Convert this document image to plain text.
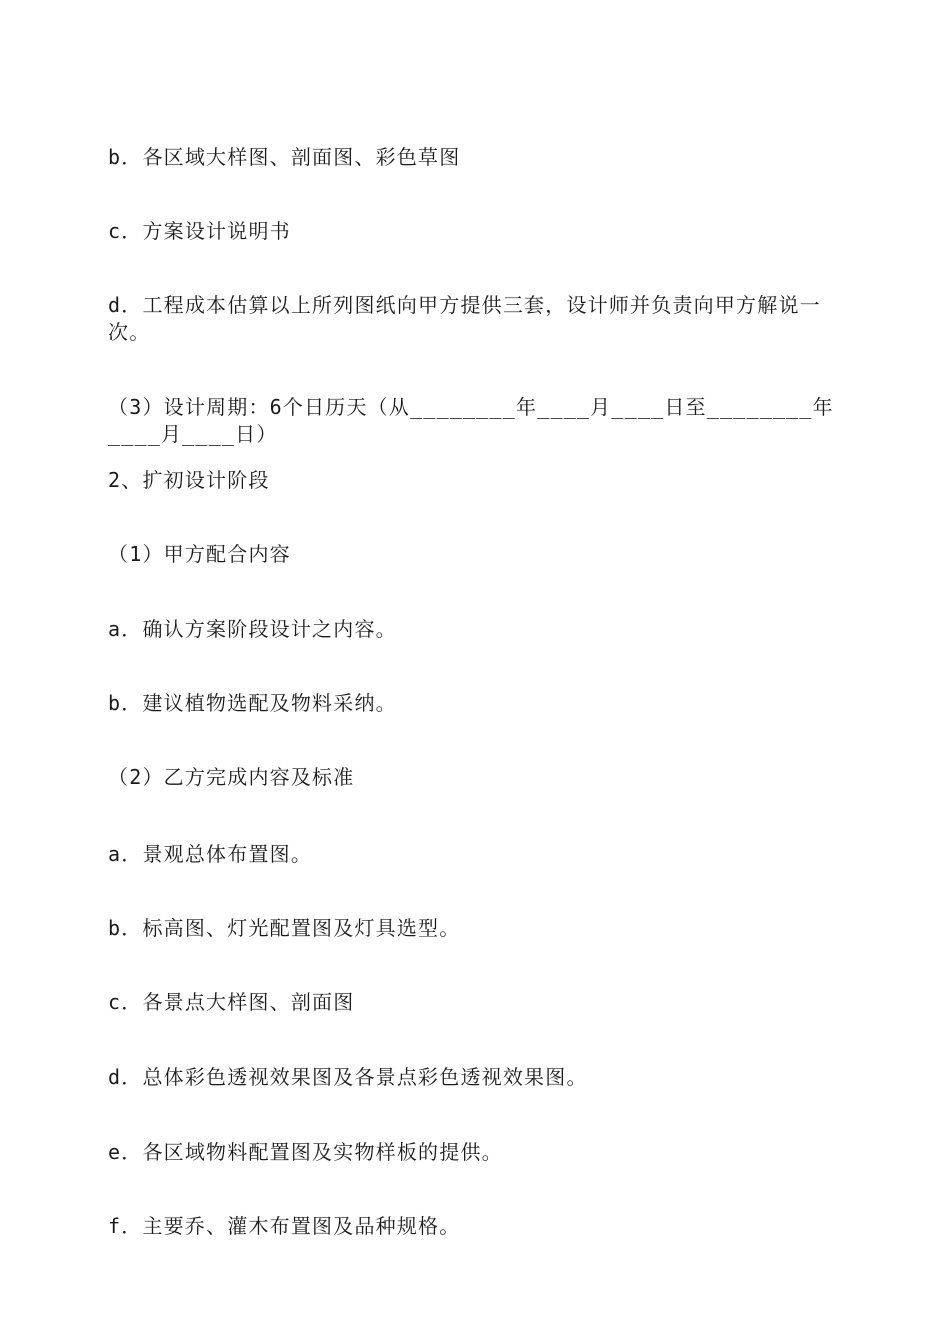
b．各区域大样图、剖面图、彩色草图
c．方案设计说明书
d．工程成本估算以上所列图纸向甲方提供三套，设计师并负责向甲方解说一次。
（3）设计周期：6个日历天（从________年____月____日至________年____月____日）
2、扩初设计阶段
（1）甲方配合内容
a．确认方案阶段设计之内容。
b．建议植物选配及物料采纳。
（2）乙方完成内容及标准
a．景观总体布置图。
b．标高图、灯光配置图及灯具选型。
c．各景点大样图、剖面图
d．总体彩色透视效果图及各景点彩色透视效果图。
e．各区域物料配置图及实物样板的提供。
f．主要乔、灌木布置图及品种规格。
